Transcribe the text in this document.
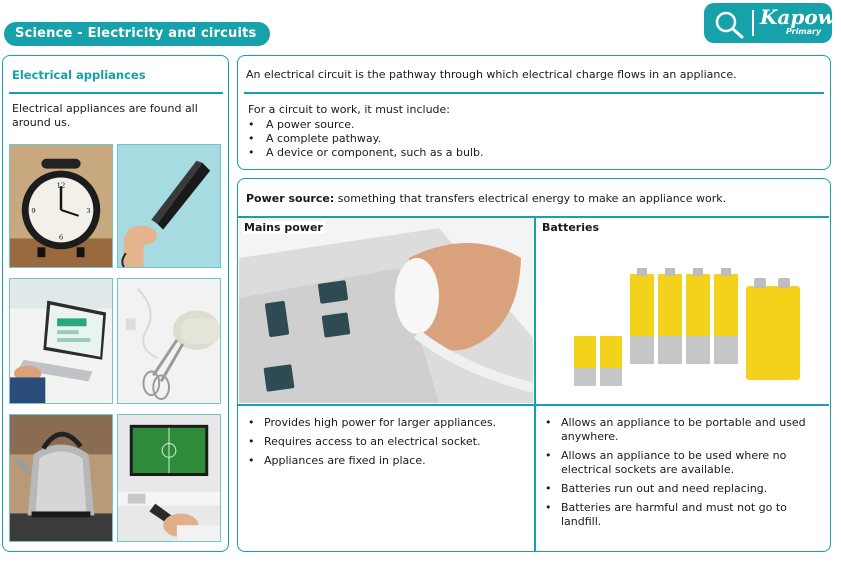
Science - Electricity and circuits
Kapow
Primary
Electrical appliances
Electrical appliances are found all around us.
12
3
6
9
An electrical circuit is the pathway through which electrical charge flows in an appliance.
For a circuit to work, it must include:
• A power source.
• A complete pathway.
• A device or component, such as a bulb.
Power source: something that transfers electrical energy to make an appliance work.
Mains power	Batteries
• Provides high power for larger appliances.
• Requires access to an electrical socket.
• Appliances are fixed in place.
• Allows an appliance to be portable and used anywhere.
• Allows an appliance to be used where no electrical sockets are available.
• Batteries run out and need replacing.
• Batteries are harmful and must not go to landfill.
